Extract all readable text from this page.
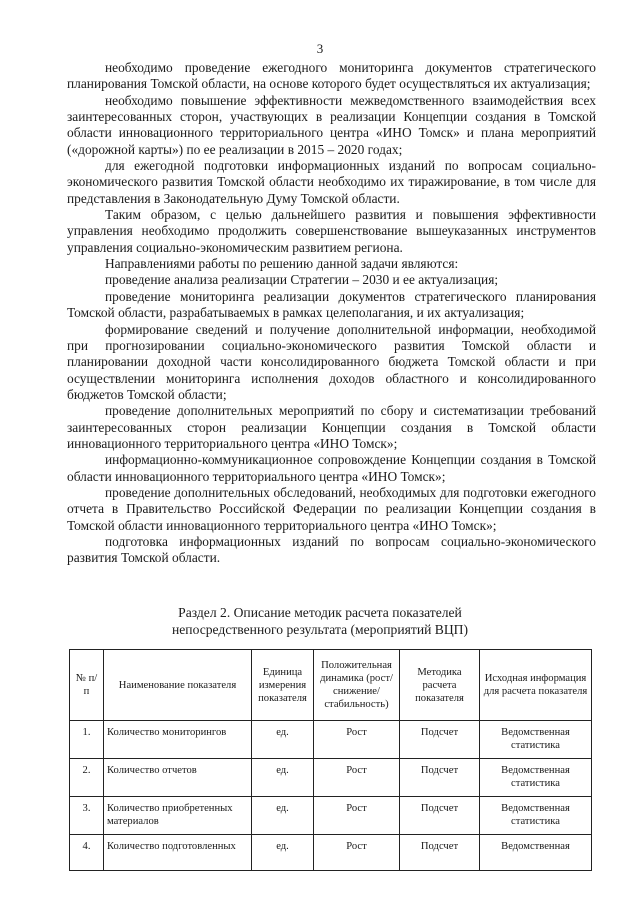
3

необходимо проведение ежегодного мониторинга документов стратегического планирования Томской области, на основе которого будет осуществляться их актуализация;

необходимо повышение эффективности межведомственного взаимодействия всех заинтересованных сторон, участвующих в реализации Концепции создания в Томской области инновационного территориального центра «ИНО Томск» и плана мероприятий («дорожной карты») по ее реализации в 2015 – 2020 годах;

для ежегодной подготовки информационных изданий по вопросам социально-экономического развития Томской области необходимо их тиражирование, в том числе для представления в Законодательную Думу Томской области.

Таким образом, с целью дальнейшего развития и повышения эффективности управления необходимо продолжить совершенствование вышеуказанных инструментов управления социально-экономическим развитием региона.

Направлениями работы по решению данной задачи являются:

проведение анализа реализации Стратегии – 2030 и ее актуализация;

проведение мониторинга реализации документов стратегического планирования Томской области, разрабатываемых в рамках целеполагания, и их актуализация;

формирование сведений и получение дополнительной информации, необходимой при прогнозировании социально-экономического развития Томской области и планировании доходной части консолидированного бюджета Томской области и при осуществлении мониторинга исполнения доходов областного и консолидированного бюджетов Томской области;

проведение дополнительных мероприятий по сбору и систематизации требований заинтересованных сторон реализации Концепции создания в Томской области инновационного территориального центра «ИНО Томск»;

информационно-коммуникационное сопровождение Концепции создания в Томской области инновационного территориального центра «ИНО Томск»;

проведение дополнительных обследований, необходимых для подготовки ежегодного отчета в Правительство Российской Федерации по реализации Концепции создания в Томской области инновационного территориального центра «ИНО Томск»;

подготовка информационных изданий по вопросам социально-экономического развития Томской области.

Раздел 2. Описание методик расчета показателей
непосредственного результата (мероприятий ВЦП)
№ п/п	Наименование показателя	Единица измерения показателя	Положительная динамика (рост/снижение/ стабильность)	Методика расчета показателя	Исходная информация для расчета показателя
1.	Количество мониторингов	ед.	Рост	Подсчет	Ведомственная статистика
2.	Количество отчетов	ед.	Рост	Подсчет	Ведомственная статистика
3.	Количество приобретенных материалов	ед.	Рост	Подсчет	Ведомственная статистика
4.	Количество подготовленных	ед.	Рост	Подсчет	Ведомственная
